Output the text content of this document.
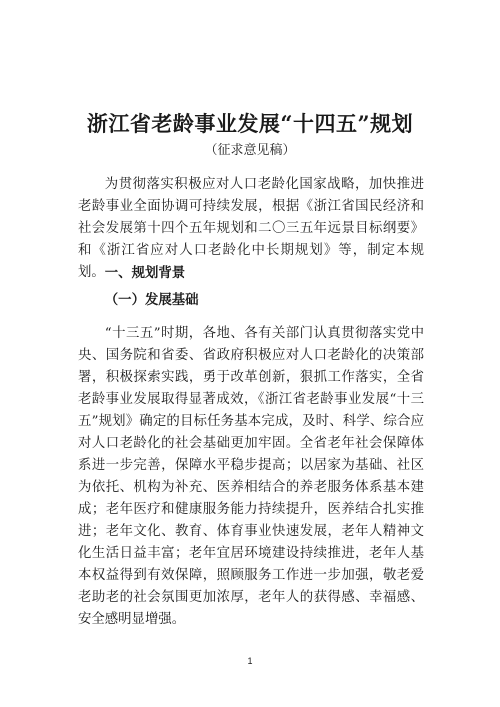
浙江省老龄事业发展“十四五”规划
（征求意见稿）

为贯彻落实积极应对人口老龄化国家战略，加快推进老龄事业全面协调可持续发展，根据《浙江省国民经济和社会发展第十四个五年规划和二〇三五年远景目标纲要》和《浙江省应对人口老龄化中长期规划》等，制定本规划。 一、规划背景

（一）发展基础

“十三五”时期，各地、各有关部门认真贯彻落实党中央、国务院和省委、省政府积极应对人口老龄化的决策部署，积极探索实践，勇于改革创新，狠抓工作落实，全省老龄事业发展取得显著成效，《浙江省老龄事业发展“十三五”规划》确定的目标任务基本完成，及时、科学、综合应对人口老龄化的社会基础更加牢固。全省老年社会保障体系进一步完善，保障水平稳步提高；以居家为基础、社区为依托、机构为补充、医养相结合的养老服务体系基本建成；老年医疗和健康服务能力持续提升，医养结合扎实推进；老年文化、教育、体育事业快速发展，老年人精神文化生活日益丰富；老年宜居环境建设持续推进，老年人基本权益得到有效保障，照顾服务工作进一步加强，敬老爱老助老的社会氛围更加浓厚，老年人的获得感、幸福感、安全感明显增强。

1
